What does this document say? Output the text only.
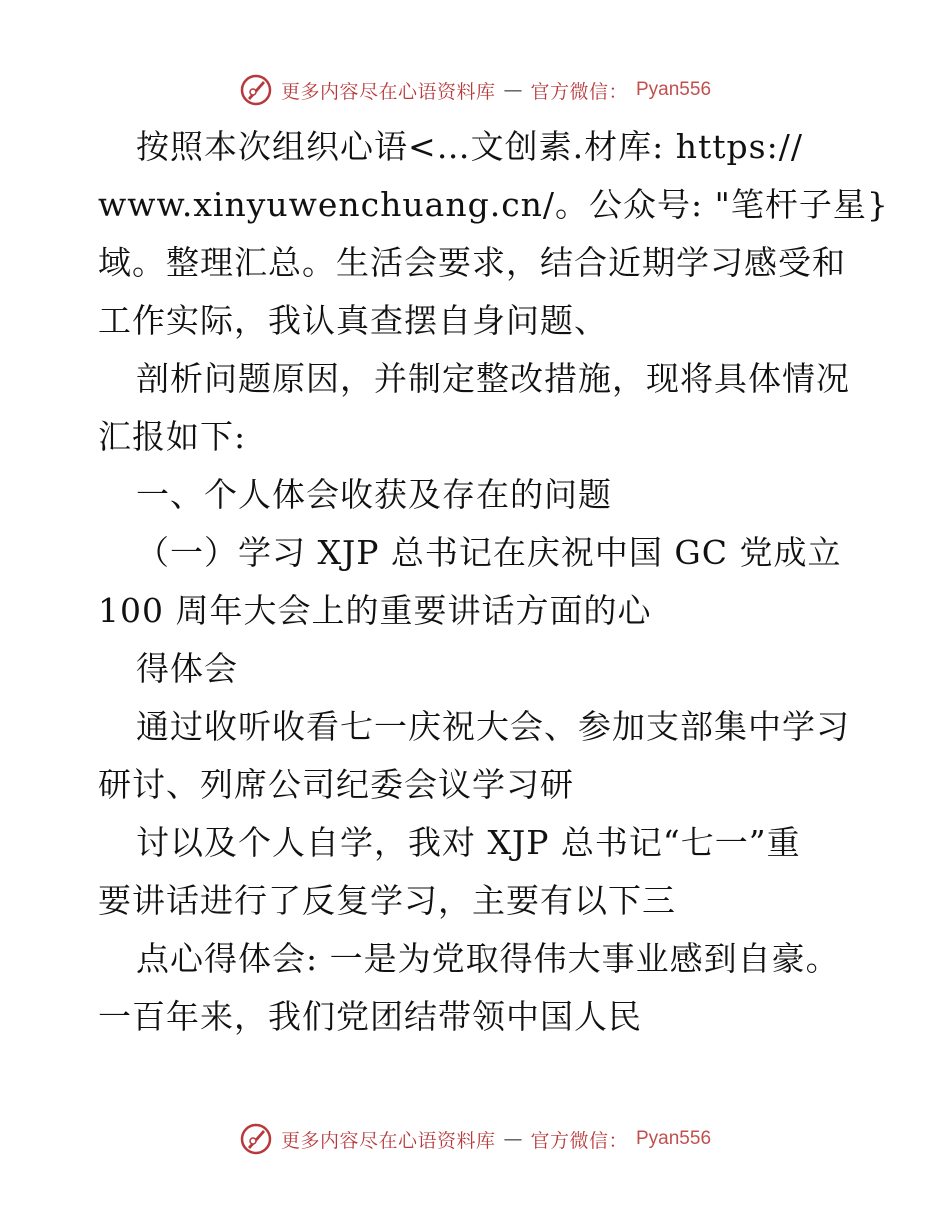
更多内容尽在心语资料库 — 官方微信： Pyan556
按照本次组织心语<…文创素.材库: https://
www.xinyuwenchuang.cn/。公众号: "笔杆子星}
域。整理汇总。生活会要求，结合近期学习感受和
工作实际，我认真查摆自身问题、
剖析问题原因，并制定整改措施，现将具体情况
汇报如下:
一、个人体会收获及存在的问题
（一）学习 XJP 总书记在庆祝中国 GC 党成立
100 周年大会上的重要讲话方面的心
得体会
通过收听收看七一庆祝大会、参加支部集中学习
研讨、列席公司纪委会议学习研
讨以及个人自学，我对 XJP 总书记“七一”重
要讲话进行了反复学习，主要有以下三
点心得体会: 一是为党取得伟大事业感到自豪。
一百年来，我们党团结带领中国人民
更多内容尽在心语资料库 — 官方微信： Pyan556
